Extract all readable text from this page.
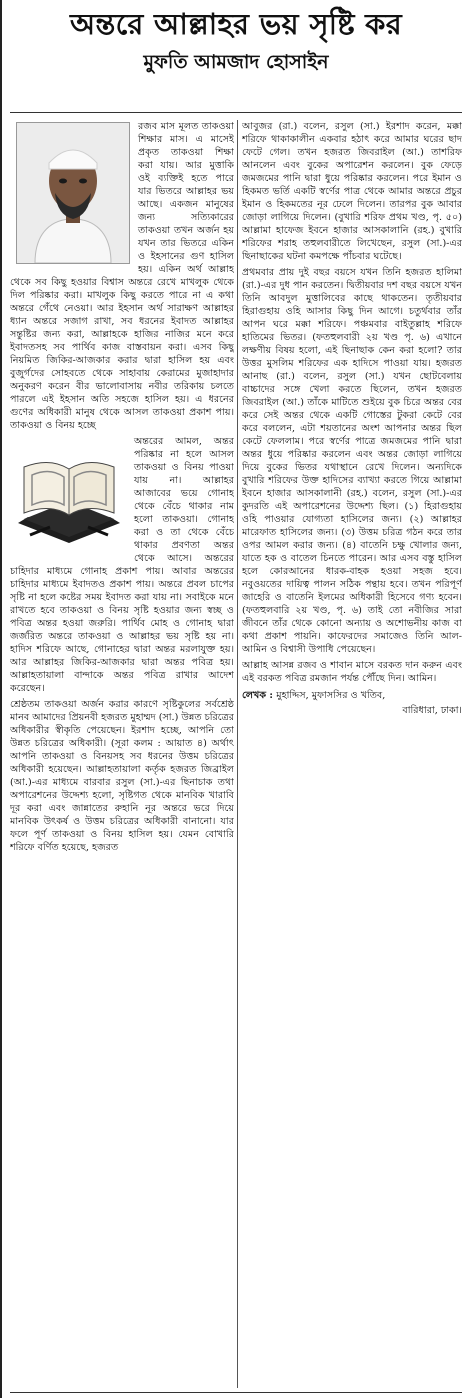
অন্তরে আল্লাহর ভয় সৃষ্টি কর
মুফতি আমজাদ হোসাইন

রজব মাস মূলত তাকওয়া শিক্ষার মাস। এ মাসেই প্রকৃত তাকওয়া শিক্ষা করা যায়। আর মুত্তাকি ওই ব্যক্তিই হতে পারে যার ভিতরে আল্লাহর ভয় আছে। একজন মানুষের জন্য সত্যিকারের তাকওয়া তখন অর্জন হয় যখন তার ভিতরে একিন ও ইহসানের গুণ হাসিল হয়। একিন অর্থ আল্লাহ থেকে সব কিছু হওয়ার বিশ্বাস অন্তরে রেখে মাখলুক থেকে দিল পরিষ্কার করা। মাখলুক কিছু করতে পারে না এ কথা অন্তরে গেঁথে নেওয়া। আর ইহসান অর্থ সারাক্ষণ আল্লাহর ধ্যান অন্তরে সজাগ রাখা, সব ধরনের ইবাদত আল্লাহর সন্তুষ্টির জন্য করা, আল্লাহকে হাজির নাজির মনে করে ইবাদতসহ সব পার্থিব কাজ বাস্তবায়ন করা। এসব কিছু নিয়মিত জিকির-আজকার করার দ্বারা হাসিল হয় এবং বুজুর্গদের সোহবতে থেকে সাহাবায় কেরামের মুজাহাদার অনুকরণ করেন বীর ভালোবাসায় নবীর তরিকায় চলতে পারলে এই ইহসান অতি সহজে হাসিল হয়। এ ধরনের গুণের অধিকারী মানুষ থেকে আসল তাকওয়া প্রকাশ পায়। তাকওয়া ও বিনয় হচ্ছে

অন্তরের আমল, অন্তর পরিষ্কার না হলে আসল তাকওয়া ও বিনয় পাওয়া যায় না। আল্লাহর আজাবের ভয়ে গোনাহ থেকে বেঁচে থাকার নাম হলো তাকওয়া। গোনাহ করা ও তা থেকে বেঁচে থাকার প্রবণতা অন্তর থেকে আসে। অন্তরের চাহিদার মাধ্যমে গোনাহ প্রকাশ পায়। আবার অন্তরের চাহিদার মাধ্যমে ইবাদতও প্রকাশ পায়। অন্তরে প্রবল চাপের সৃষ্টি না হলে কষ্টের সময় ইবাদত করা যায় না। সবাইকে মনে রাখতে হবে তাকওয়া ও বিনয় সৃষ্টি হওয়ার জন্য স্বচ্ছ ও পবিত্র অন্তর হওয়া জরুরি। পার্থিব মোহ ও গোনাহ দ্বারা জর্জরিত অন্তরে তাকওয়া ও আল্লাহর ভয় সৃষ্টি হয় না। হাদিস শরিফে আছে, গোনাহের দ্বারা অন্তর মরলাযুক্ত হয়। আর আল্লাহর জিকির-আজকার দ্বারা অন্তর পবিত্র হয়। আল্লাহতায়ালা বান্দাকে অন্তর পবিত্র রাখার আদেশ করেছেন।

শ্রেষ্ঠতম তাকওয়া অর্জন করার কারণে সৃষ্টিকুলের সর্বশ্রেষ্ঠ মানব আমাদের প্রিয়নবী হজরত মুহাম্মদ (সা.) উন্নত চরিত্রের অধিকারীর স্বীকৃতি পেয়েছেন। ইরশাদ হচ্ছে, আপনি তো উন্নত চরিত্রের অধিকারী। (সূরা কলম : আয়াত ৪) অর্থাৎ আপনি তাকওয়া ও বিনয়সহ সব ধরনের উত্তম চরিত্রের অধিকারী হয়েছেন। আল্লাহতায়ালা কর্তৃক হজরত জিব্রাইল (আ.)-এর মাধ্যমে বারবার রসুল (সা.)-এর ছিনাচাক তথা অপারেশনের উদ্দেশ্য হলো, সৃষ্টিগত থেকে মানবিক খারাবি দূর করা এবং জান্নাতের রুহানি নূর অন্তরে ভরে দিয়ে মানবিক উৎকর্ষ ও উত্তম চরিত্রের অধিকারী বানানো। যার ফলে পূর্ণ তাকওয়া ও বিনয় হাসিল হয়। যেমন বোখারি শরিফে বর্ণিত হয়েছে, হজরত

আবুজর (রা.) বলেন, রসুল (সা.) ইরশাদ করেন, মক্কা শরিফে থাকাকালীন একবার হঠাৎ করে আমার ঘরের ছাদ ফেটে গেল। তখন হজরত জিবরাইল (আ.) তাশরিফ আনলেন এবং বুকের অপারেশন করলেন। বুক ফেড়ে জমজমের পানি দ্বারা ধুয়ে পরিষ্কার করলেন। পরে ইমান ও হিকমত ভর্তি একটি স্বর্ণের পাত্র থেকে আমার অন্তরে প্রচুর ইমান ও হিকমতের নূর ঢেলে দিলেন। তারপর বুক আবার জোড়া লাগিয়ে দিলেন। (বুখারি শরিফ প্রথম খণ্ড, পৃ. ৫০) আল্লামা হাফেজ ইবনে হাজার আসকালানি (রহ.) বুখারি শরিফের শরাহ তহুলবারীতে লিখেছেন, রসুল (সা.)-এর ছিনাছাকের ঘটনা কমপক্ষে পাঁচবার ঘটেছে।

প্রথমবার প্রায় দুই বছর বয়সে যখন তিনি হজরত হালিমা (রা.)-এর দুধ পান করতেন। দ্বিতীয়বার দশ বছর বয়সে যখন তিনি আবদুল মুত্তালিবের কাছে থাকতেন। তৃতীয়বার হিরাগুহায় ওহি আসার কিছু দিন আগে। চতুর্থবার তাঁর আপন ঘরে মক্কা শরিফে। পঞ্চমবার বাইতুল্লাহ শরিফে হাতিমের ভিতর। (ফতহুলবারী ২য় খণ্ড পৃ. ৬) এখানে লক্ষণীয় বিষয় হলো, এই ছিনাছাক কেন করা হলো? তার উত্তর মুসলিম শরিফের এক হাদিসে পাওয়া যায়। হজরত আনাছ (রা.) বলেন, রসুল (সা.) যখন ছোটবেলায় বাচ্চাদের সঙ্গে খেলা করতে ছিলেন, তখন হজরত জিবরাইল (আ.) তাঁকে মাটিতে শুইয়ে বুক চিরে অন্তর বের করে সেই অন্তর থেকে একটি গোস্তের টুকরা কেটে বের করে বললেন, এটা শয়তানের অংশ আপনার অন্তর ছিল কেটে ফেললাম। পরে স্বর্ণের পাত্রে জমজমের পানি দ্বারা অন্তর ধুয়ে পরিষ্কার করলেন এবং অন্তর জোড়া লাগিয়ে দিয়ে বুকের ভিতর যথাস্থানে রেখে দিলেন। অন্যদিকে বুখারি শরিফের উক্ত হাদিসের ব্যাখ্যা করতে গিয়ে আল্লামা ইবনে হাজার আসকালানী (রহ.) বলেন, রসুল (সা.)-এর কুদরতি এই অপারেশনের উদ্দেশ্য ছিল। (১) হিরাগুহায় ওহি পাওয়ার যোগ্যতা হাসিলের জন্য। (২) আল্লাহর মারেফাত হাসিলের জন্য। (৩) উত্তম চরিত্র গঠন করে তার ওপর আমল করার জন্য। (৪) বাতেনি চক্ষু খোলার জন্য, যাতে হক ও বাতেল চিনতে পারেন। আর এসব বস্তু হাসিল হলে কোরআনের ধারক-বাহক হওয়া সহজ হবে। নবুওয়তের দায়িত্ব পালন সঠিক পন্থায় হবে। তখন পরিপূর্ণ জাহেরি ও বাতেনি ইলমের অধিকারী হিসেবে গণ্য হবেন। (ফতহুলবারি ২য় খণ্ড, পৃ. ৬) তাই তো নবীজির সারা জীবনে তাঁর থেকে কোনো অন্যায় ও অশোভনীয় কাজ বা কথা প্রকাশ পায়নি। কাফেরদের সমাজেও তিনি আল-আমিন ও বিশ্বাসী উপাধি পেয়েছেন।

আল্লাহ আসন্ন রজব ও শাবান মাসে বরকত দান করুন এবং এই বরকত পবিত্র রমজান পর্যন্ত পৌঁছে দিন। আমিন।

লেখক : মুহাদ্দিস, মুফাসসির ও খতিব,
বারিধারা, ঢাকা।
